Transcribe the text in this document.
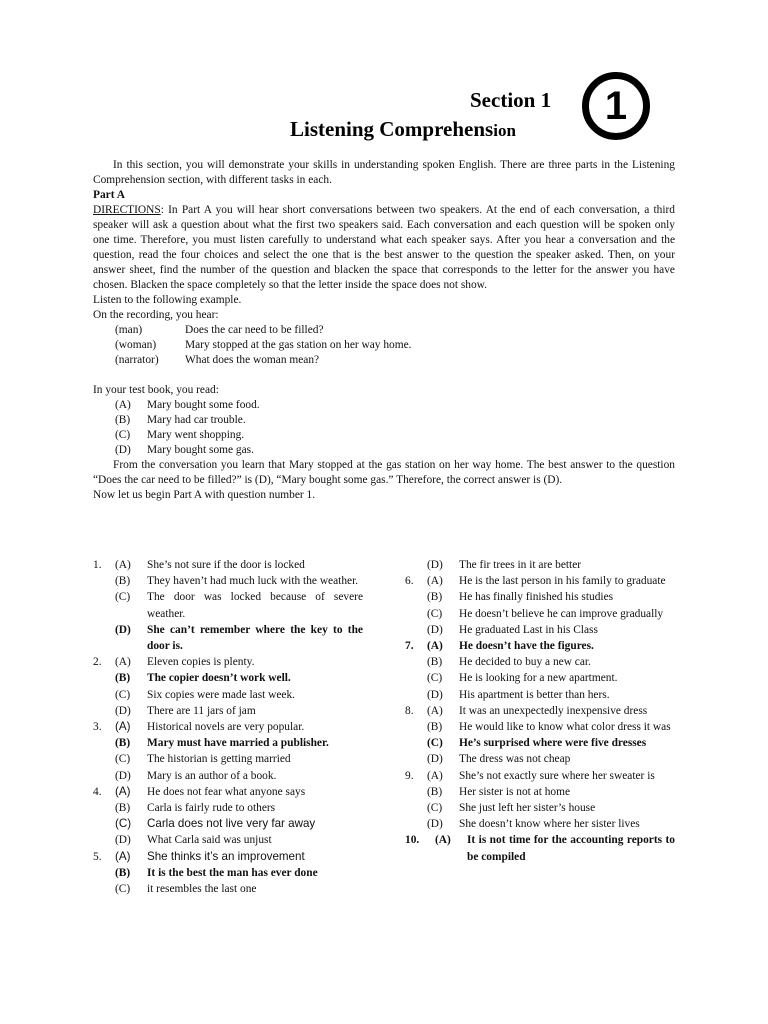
Section 1
Listening Comprehension
1

In this section, you will demonstrate your skills in understanding spoken English. There are three parts in the Listening Comprehension section, with different tasks in each.

Part A

DIRECTIONS: In Part A you will hear short conversations between two speakers. At the end of each conversation, a third speaker will ask a question about what the first two speakers said. Each conversation and each question will be spoken only one time. Therefore, you must listen carefully to understand what each speaker says. After you hear a conversation and the question, read the four choices and select the one that is the best answer to the question the speaker asked. Then, on your answer sheet, find the number of the question and blacken the space that corresponds to the letter for the answer you have chosen. Blacken the space completely so that the letter inside the space does not show.

Listen to the following example.

On the recording, you hear:

(man)	Does the car need to be filled?
(woman)	Mary stopped at the gas station on her way home.
(narrator)	What does the woman mean?

In your test book, you read:

(A)	Mary bought some food.
(B)	Mary had car trouble.
(C)	Mary went shopping.
(D)	Mary bought some gas.

From the conversation you learn that Mary stopped at the gas station on her way home. The best answer to the question “Does the car need to be filled?” is (D), “Mary bought some gas.” Therefore, the correct answer is (D).

Now let us begin Part A with question number 1.

1.	(A)	She’s not sure if the door is locked
(B)	They haven’t had much luck with the weather.
(C)	The door was locked because of severe weather.
(D)	She can’t remember where the key to the door is.
2.	(A)	Eleven copies is plenty.
(B)	The copier doesn’t work well.
(C)	Six copies were made last week.
(D)	There are 11 jars of jam
3.	(A)	Historical novels are very popular.
(B)	Mary must have married a publisher.
(C)	The historian is getting married
(D)	Mary is an author of a book.
4.	(A)	He does not fear what anyone says
(B)	Carla is fairly rude to others
(C)	Carla does not live very far away
(D)	What Carla said was unjust
5.	(A)	She thinks it’s an improvement
(B)	It is the best the man has ever done
(C)	it resembles the last one
(D)	The fir trees in it are better
6.	(A)	He is the last person in his family to graduate
(B)	He has finally finished his studies
(C)	He doesn’t believe he can improve gradually
(D)	He graduated Last in his Class
7.	(A)	He doesn’t have the figures.
(B)	He decided to buy a new car.
(C)	He is looking for a new apartment.
(D)	His apartment is better than hers.
8.	(A)	It was an unexpectedly inexpensive dress
(B)	He would like to know what color dress it was
(C)	He’s surprised where were five dresses
(D)	The dress was not cheap
9.	(A)	She’s not exactly sure where her sweater is
(B)	Her sister is not at home
(C)	She just left her sister’s house
(D)	She doesn’t know where her sister lives
10.	(A)	It is not time for the accounting reports to be compiled
